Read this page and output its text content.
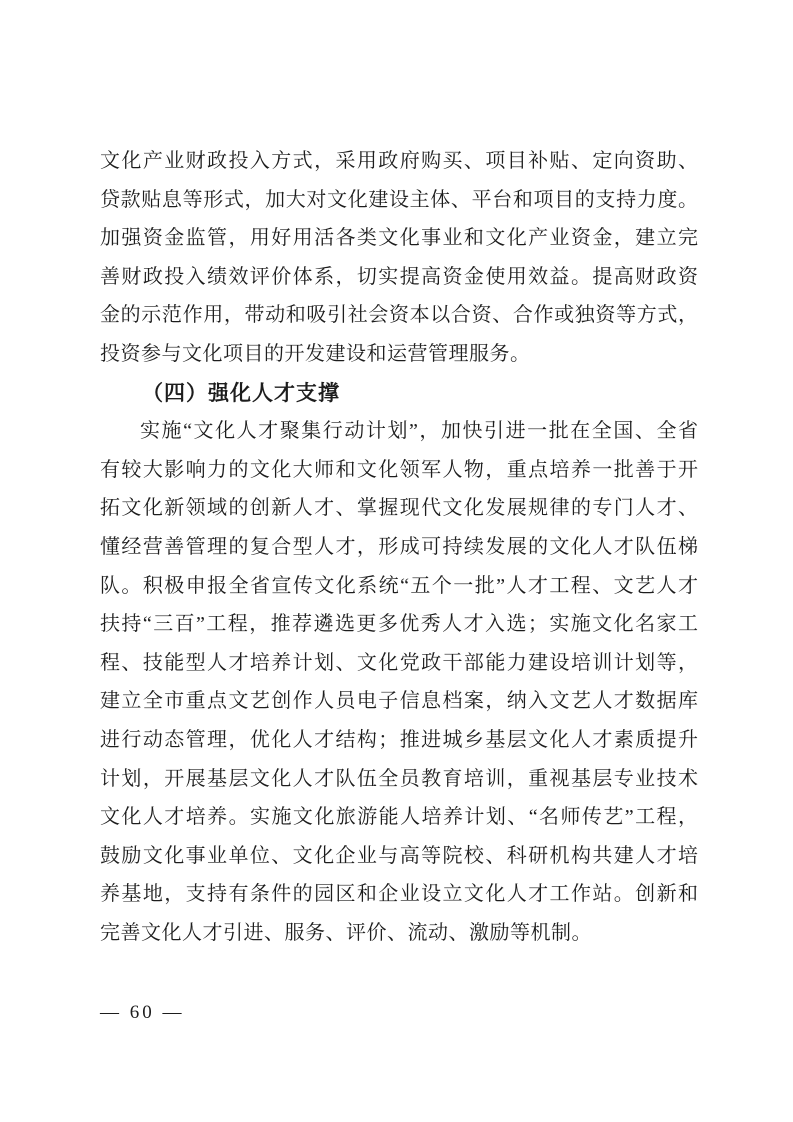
文化产业财政投入方式，采用政府购买、项目补贴、定向资助、
贷款贴息等形式，加大对文化建设主体、平台和项目的支持力度。
加强资金监管，用好用活各类文化事业和文化产业资金，建立完
善财政投入绩效评价体系，切实提高资金使用效益。提高财政资
金的示范作用，带动和吸引社会资本以合资、合作或独资等方式，
投资参与文化项目的开发建设和运营管理服务。
（四）强化人才支撑
实施“文化人才聚集行动计划”，加快引进一批在全国、全省
有较大影响力的文化大师和文化领军人物，重点培养一批善于开
拓文化新领域的创新人才、掌握现代文化发展规律的专门人才、
懂经营善管理的复合型人才，形成可持续发展的文化人才队伍梯
队。积极申报全省宣传文化系统“五个一批”人才工程、文艺人才
扶持“三百”工程，推荐遴选更多优秀人才入选；实施文化名家工
程、技能型人才培养计划、文化党政干部能力建设培训计划等，
建立全市重点文艺创作人员电子信息档案，纳入文艺人才数据库
进行动态管理，优化人才结构；推进城乡基层文化人才素质提升
计划，开展基层文化人才队伍全员教育培训，重视基层专业技术
文化人才培养。实施文化旅游能人培养计划、“名师传艺”工程，
鼓励文化事业单位、文化企业与高等院校、科研机构共建人才培
养基地，支持有条件的园区和企业设立文化人才工作站。创新和
完善文化人才引进、服务、评价、流动、激励等机制。
— 60 —
